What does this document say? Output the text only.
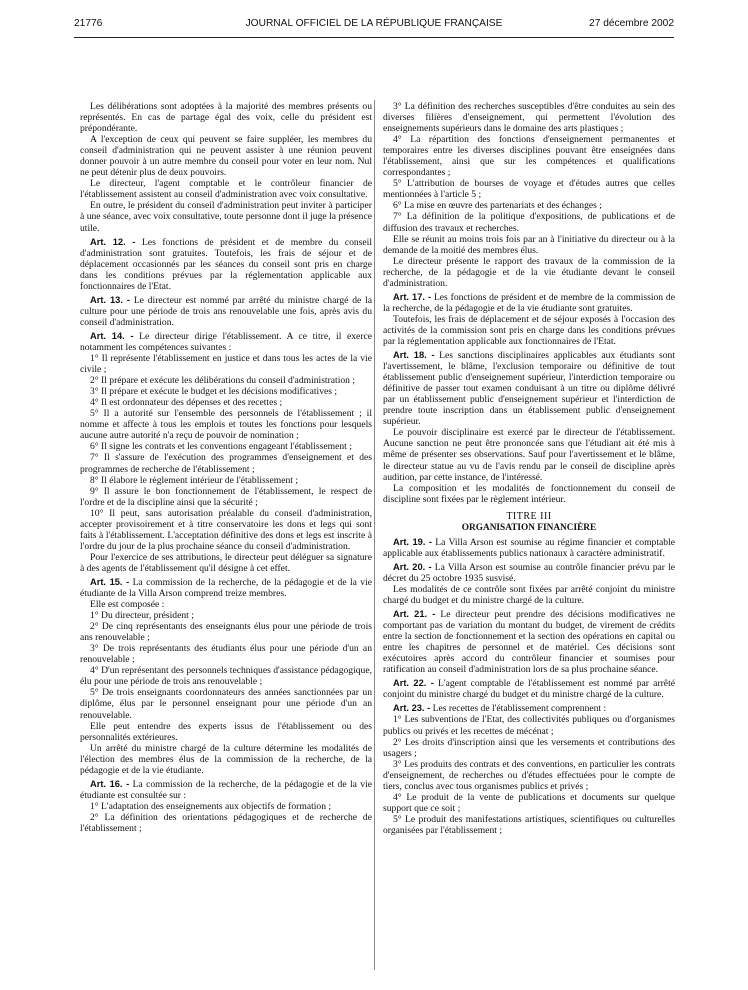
21776	JOURNAL OFFICIEL DE LA RÉPUBLIQUE FRANÇAISE	27 décembre 2002

Les délibérations sont adoptées à la majorité des membres présents ou représentés. En cas de partage égal des voix, celle du président est prépondérante.

A l'exception de ceux qui peuvent se faire suppléer, les membres du conseil d'administration qui ne peuvent assister à une réunion peuvent donner pouvoir à un autre membre du conseil pour voter en leur nom. Nul ne peut détenir plus de deux pouvoirs.

Le directeur, l'agent comptable et le contrôleur financier de l'établissement assistent au conseil d'administration avec voix consultative.

En outre, le président du conseil d'administration peut inviter à participer à une séance, avec voix consultative, toute personne dont il juge la présence utile.

Art. 12. - Les fonctions de président et de membre du conseil d'administration sont gratuites. Toutefois, les frais de séjour et de déplacement occasionnés par les séances du conseil sont pris en charge dans les conditions prévues par la réglementation applicable aux fonctionnaires de l'Etat.

Art. 13. - Le directeur est nommé par arrêté du ministre chargé de la culture pour une période de trois ans renouvelable une fois, après avis du conseil d'administration.

Art. 14. - Le directeur dirige l'établissement. A ce titre, il exerce notamment les compétences suivantes :

1° Il représente l'établissement en justice et dans tous les actes de la vie civile ;

2° Il prépare et exécute les délibérations du conseil d'administration ;

3° Il prépare et exécute le budget et les décisions modificatives ;

4° Il est ordonnateur des dépenses et des recettes ;

5° Il a autorité sur l'ensemble des personnels de l'établissement ; il nomme et affecte à tous les emplois et toutes les fonctions pour lesquels aucune autre autorité n'a reçu de pouvoir de nomination ;

6° Il signe les contrats et les conventions engageant l'établissement ;

7° Il s'assure de l'exécution des programmes d'enseignement et des programmes de recherche de l'établissement ;

8° Il élabore le règlement intérieur de l'établissement ;

9° Il assure le bon fonctionnement de l'établissement, le respect de l'ordre et de la discipline ainsi que la sécurité ;

10° Il peut, sans autorisation préalable du conseil d'administration, accepter provisoirement et à titre conservatoire les dons et legs qui sont faits à l'établissement. L'acceptation définitive des dons et legs est inscrite à l'ordre du jour de la plus prochaine séance du conseil d'administration.

Pour l'exercice de ses attributions, le directeur peut déléguer sa signature à des agents de l'établissement qu'il désigne à cet effet.

Art. 15. - La commission de la recherche, de la pédagogie et de la vie étudiante de la Villa Arson comprend treize membres.

Elle est composée :

1° Du directeur, président ;

2° De cinq représentants des enseignants élus pour une période de trois ans renouvelable ;

3° De trois représentants des étudiants élus pour une période d'un an renouvelable ;

4° D'un représentant des personnels techniques d'assistance pédagogique, élu pour une période de trois ans renouvelable ;

5° De trois enseignants coordonnateurs des années sanctionnées par un diplôme, élus par le personnel enseignant pour une période d'un an renouvelable.

Elle peut entendre des experts issus de l'établissement ou des personnalités extérieures.

Un arrêté du ministre chargé de la culture détermine les modalités de l'élection des membres élus de la commission de la recherche, de la pédagogie et de la vie étudiante.

Art. 16. - La commission de la recherche, de la pédagogie et de la vie étudiante est consultée sur :

1° L'adaptation des enseignements aux objectifs de formation ;

2° La définition des orientations pédagogiques et de recherche de l'établissement ;

3° La définition des recherches susceptibles d'être conduites au sein des diverses filières d'enseignement, qui permettent l'évolution des enseignements supérieurs dans le domaine des arts plastiques ;

4° La répartition des fonctions d'enseignement permanentes et temporaires entre les diverses disciplines pouvant être enseignées dans l'établissement, ainsi que sur les compétences et qualifications correspondantes ;

5° L'attribution de bourses de voyage et d'études autres que celles mentionnées à l'article 5 ;

6° La mise en œuvre des partenariats et des échanges ;

7° La définition de la politique d'expositions, de publications et de diffusion des travaux et recherches.

Elle se réunit au moins trois fois par an à l'initiative du directeur ou à la demande de la moitié des membres élus.

Le directeur présente le rapport des travaux de la commission de la recherche, de la pédagogie et de la vie étudiante devant le conseil d'administration.

Art. 17. - Les fonctions de président et de membre de la commission de la recherche, de la pédagogie et de la vie étudiante sont gratuites.

Toutefois, les frais de déplacement et de séjour exposés à l'occasion des activités de la commission sont pris en charge dans les conditions prévues par la réglementation applicable aux fonctionnaires de l'Etat.

Art. 18. - Les sanctions disciplinaires applicables aux étudiants sont l'avertissement, le blâme, l'exclusion temporaire ou définitive de tout établissement public d'enseignement supérieur, l'interdiction temporaire ou définitive de passer tout examen conduisant à un titre ou diplôme délivré par un établissement public d'enseignement supérieur et l'interdiction de prendre toute inscription dans un établissement public d'enseignement supérieur.

Le pouvoir disciplinaire est exercé par le directeur de l'établissement. Aucune sanction ne peut être prononcée sans que l'étudiant ait été mis à même de présenter ses observations. Sauf pour l'avertissement et le blâme, le directeur statue au vu de l'avis rendu par le conseil de discipline après audition, par cette instance, de l'intéressé.

La composition et les modalités de fonctionnement du conseil de discipline sont fixées par le règlement intérieur.

TITRE III

ORGANISATION FINANCIÈRE

Art. 19. - La Villa Arson est soumise au régime financier et comptable applicable aux établissements publics nationaux à caractère administratif.

Art. 20. - La Villa Arson est soumise au contrôle financier prévu par le décret du 25 octobre 1935 susvisé.

Les modalités de ce contrôle sont fixées par arrêté conjoint du ministre chargé du budget et du ministre chargé de la culture.

Art. 21. - Le directeur peut prendre des décisions modificatives ne comportant pas de variation du montant du budget, de virement de crédits entre la section de fonctionnement et la section des opérations en capital ou entre les chapitres de personnel et de matériel. Ces décisions sont exécutoires après accord du contrôleur financier et soumises pour ratification au conseil d'administration lors de sa plus prochaine séance.

Art. 22. - L'agent comptable de l'établissement est nommé par arrêté conjoint du ministre chargé du budget et du ministre chargé de la culture.

Art. 23. - Les recettes de l'établissement comprennent :

1° Les subventions de l'Etat, des collectivités publiques ou d'organismes publics ou privés et les recettes de mécénat ;

2° Les droits d'inscription ainsi que les versements et contributions des usagers ;

3° Les produits des contrats et des conventions, en particulier les contrats d'enseignement, de recherches ou d'études effectuées pour le compte de tiers, conclus avec tous organismes publics et privés ;

4° Le produit de la vente de publications et documents sur quelque support que ce soit ;

5° Le produit des manifestations artistiques, scientifiques ou culturelles organisées par l'établissement ;
